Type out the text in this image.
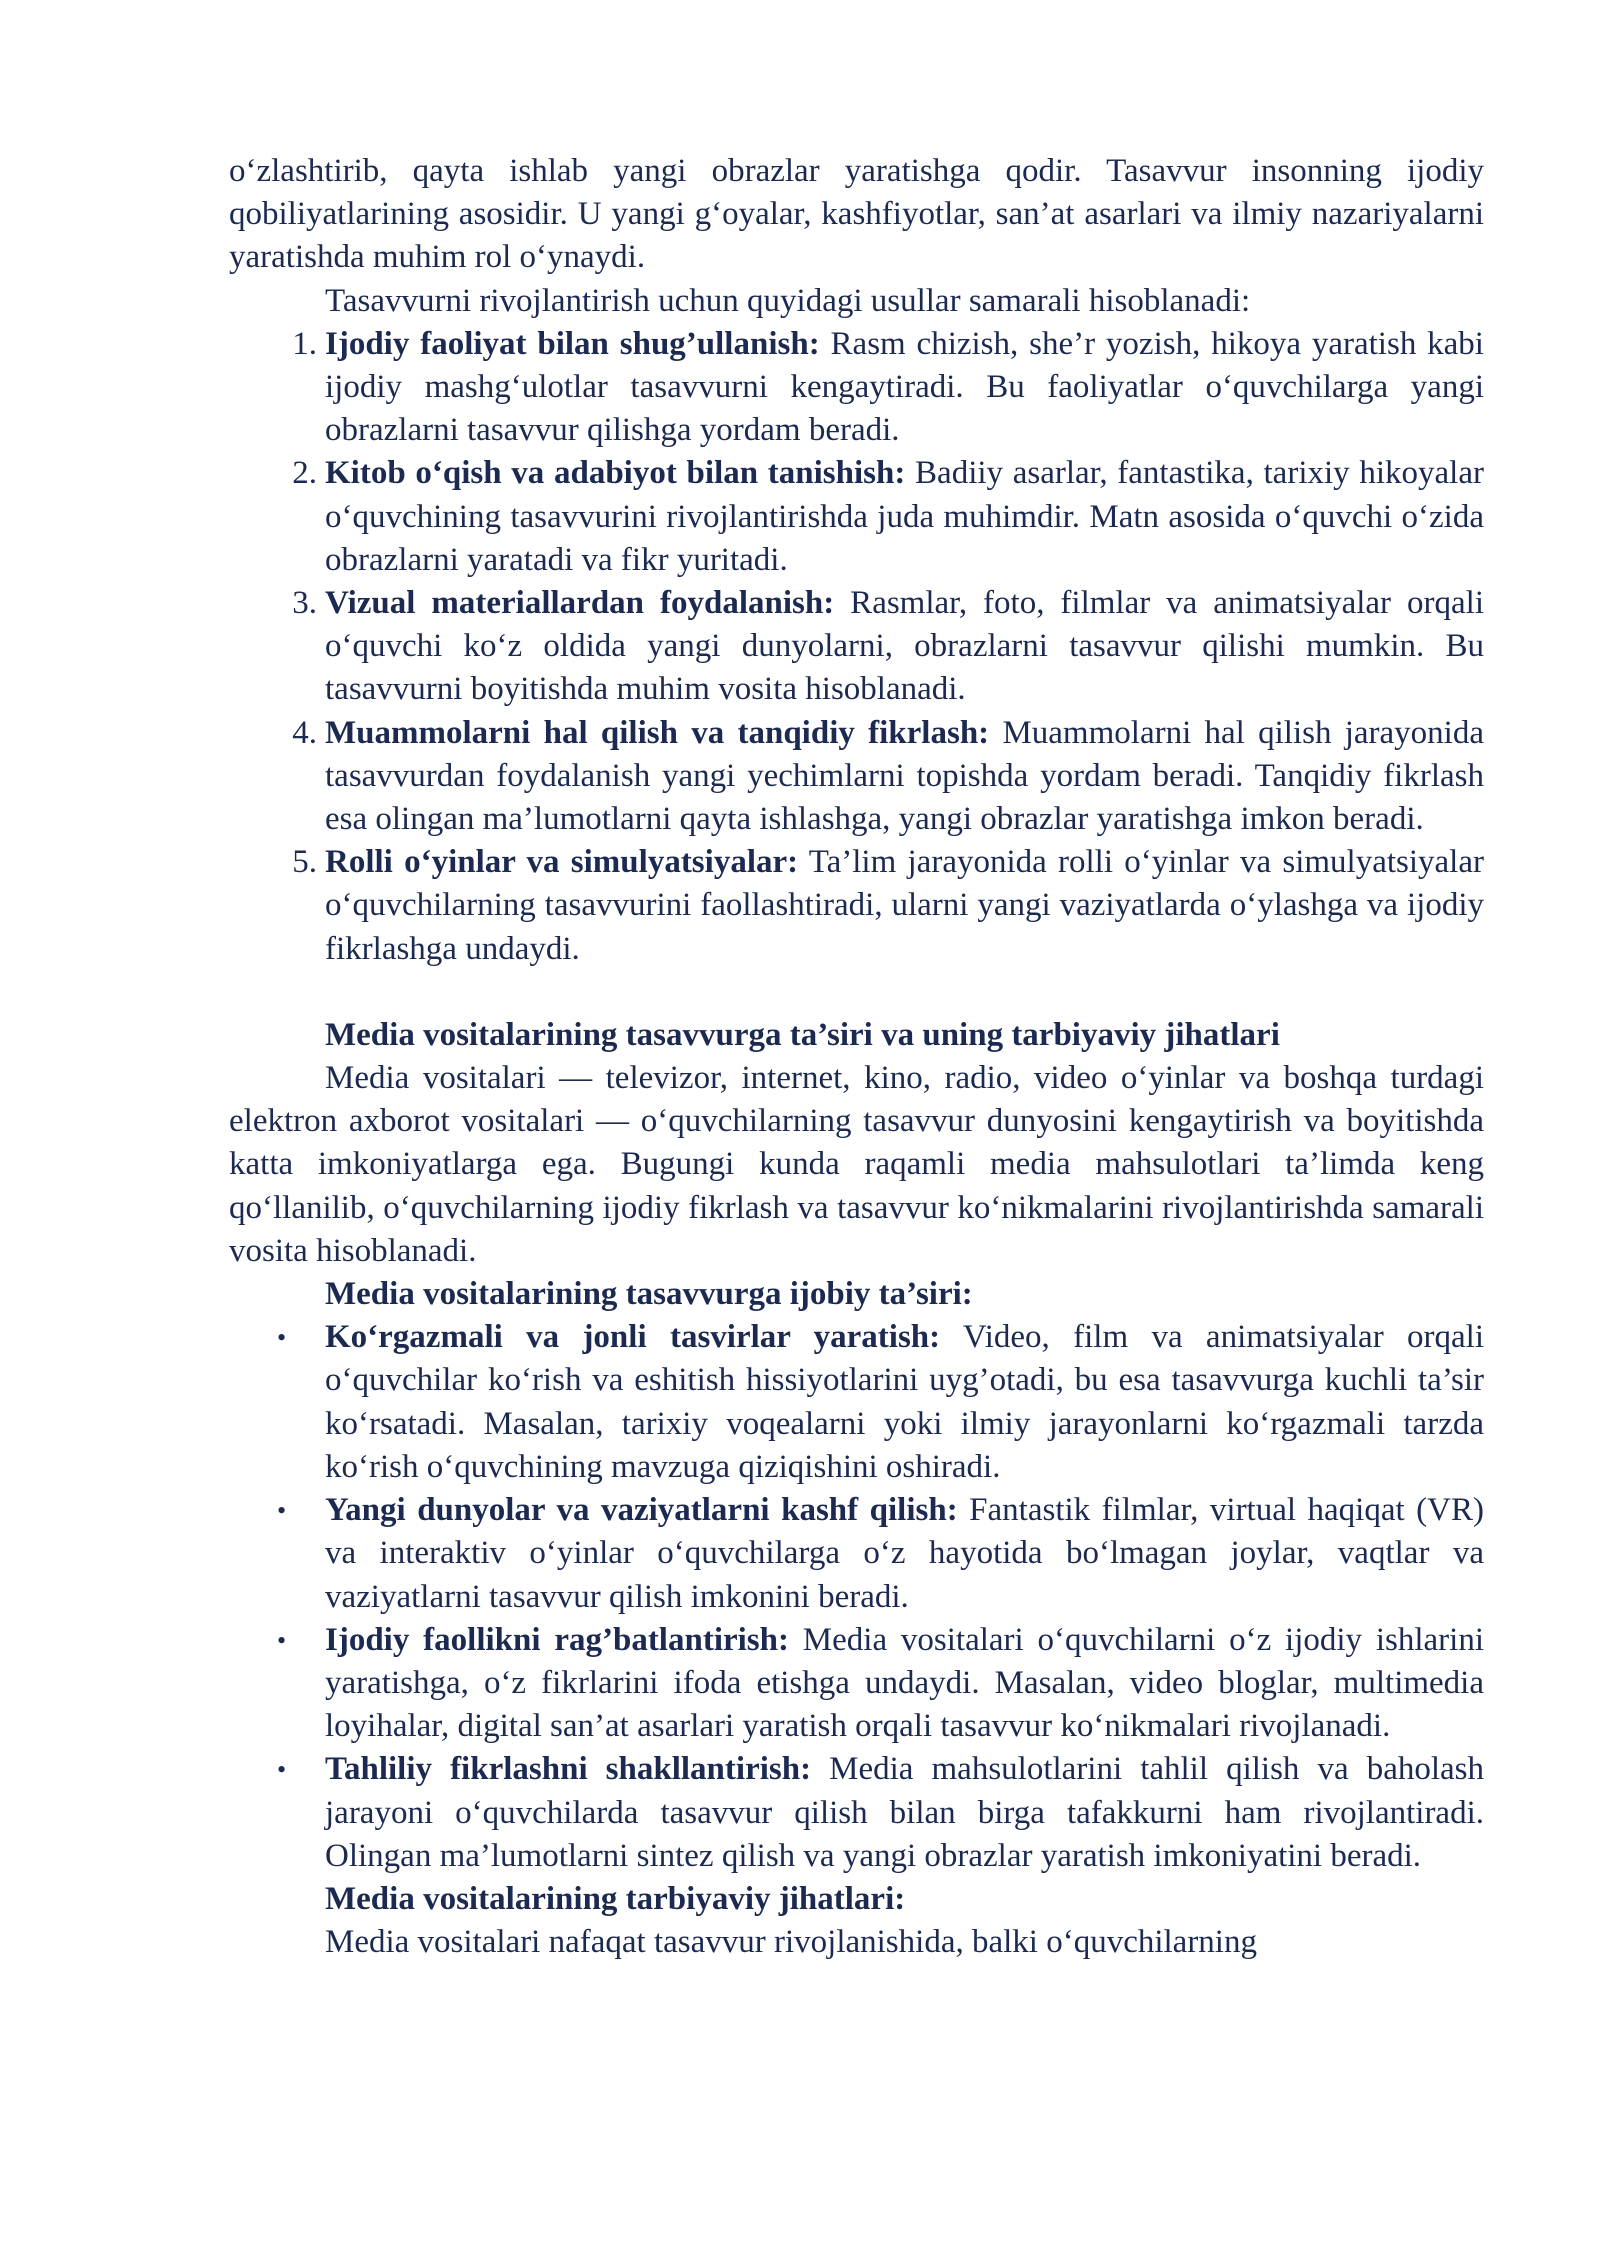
o‘zlashtirib, qayta ishlab yangi obrazlar yaratishga qodir. Tasavvur insonning ijodiy qobiliyatlarining asosidir. U yangi g‘oyalar, kashfiyotlar, san’at asarlari va ilmiy nazariyalarni yaratishda muhim rol o‘ynaydi.

Tasavvurni rivojlantirish uchun quyidagi usullar samarali hisoblanadi:

1. Ijodiy faoliyat bilan shug’ullanish: Rasm chizish, she’r yozish, hikoya yaratish kabi ijodiy mashg‘ulotlar tasavvurni kengaytiradi. Bu faoliyatlar o‘quvchilarga yangi obrazlarni tasavvur qilishga yordam beradi.
2. Kitob o‘qish va adabiyot bilan tanishish: Badiiy asarlar, fantastika, tarixiy hikoyalar o‘quvchining tasavvurini rivojlantirishda juda muhimdir. Matn asosida o‘quvchi o‘zida obrazlarni yaratadi va fikr yuritadi.
3. Vizual materiallardan foydalanish: Rasmlar, foto, filmlar va animatsiyalar orqali o‘quvchi ko‘z oldida yangi dunyolarni, obrazlarni tasavvur qilishi mumkin. Bu tasavvurni boyitishda muhim vosita hisoblanadi.
4. Muammolarni hal qilish va tanqidiy fikrlash: Muammolarni hal qilish jarayonida tasavvurdan foydalanish yangi yechimlarni topishda yordam beradi. Tanqidiy fikrlash esa olingan ma’lumotlarni qayta ishlashga, yangi obrazlar yaratishga imkon beradi.
5. Rolli o‘yinlar va simulyatsiyalar: Ta’lim jarayonida rolli o‘yinlar va simulyatsiyalar o‘quvchilarning tasavvurini faollashtiradi, ularni yangi vaziyatlarda o‘ylashga va ijodiy fikrlashga undaydi.
Media vositalarining tasavvurga ta’siri va uning tarbiyaviy jihatlari

Media vositalari — televizor, internet, kino, radio, video o‘yinlar va boshqa turdagi elektron axborot vositalari — o‘quvchilarning tasavvur dunyosini kengaytirish va boyitishda katta imkoniyatlarga ega. Bugungi kunda raqamli media mahsulotlari ta’limda keng qo‘llanilib, o‘quvchilarning ijodiy fikrlash va tasavvur ko‘nikmalarini rivojlantirishda samarali vosita hisoblanadi.

Media vositalarining tasavvurga ijobiy ta’siri:
• Ko‘rgazmali va jonli tasvirlar yaratish: Video, film va animatsiyalar orqali o‘quvchilar ko‘rish va eshitish hissiyotlarini uyg’otadi, bu esa tasavvurga kuchli ta’sir ko‘rsatadi. Masalan, tarixiy voqealarni yoki ilmiy jarayonlarni ko‘rgazmali tarzda ko‘rish o‘quvchining mavzuga qiziqishini oshiradi.
• Yangi dunyolar va vaziyatlarni kashf qilish: Fantastik filmlar, virtual haqiqat (VR) va interaktiv o‘yinlar o‘quvchilarga o‘z hayotida bo‘lmagan joylar, vaqtlar va vaziyatlarni tasavvur qilish imkonini beradi.
• Ijodiy faollikni rag’batlantirish: Media vositalari o‘quvchilarni o‘z ijodiy ishlarini yaratishga, o‘z fikrlarini ifoda etishga undaydi. Masalan, video bloglar, multimedia loyihalar, digital san’at asarlari yaratish orqali tasavvur ko‘nikmalari rivojlanadi.
• Tahliliy fikrlashni shakllantirish: Media mahsulotlarini tahlil qilish va baholash jarayoni o‘quvchilarda tasavvur qilish bilan birga tafakkurni ham rivojlantiradi. Olingan ma’lumotlarni sintez qilish va yangi obrazlar yaratish imkoniyatini beradi.
Media vositalarining tarbiyaviy jihatlari:

Media vositalari nafaqat tasavvur rivojlanishida, balki o‘quvchilarning
